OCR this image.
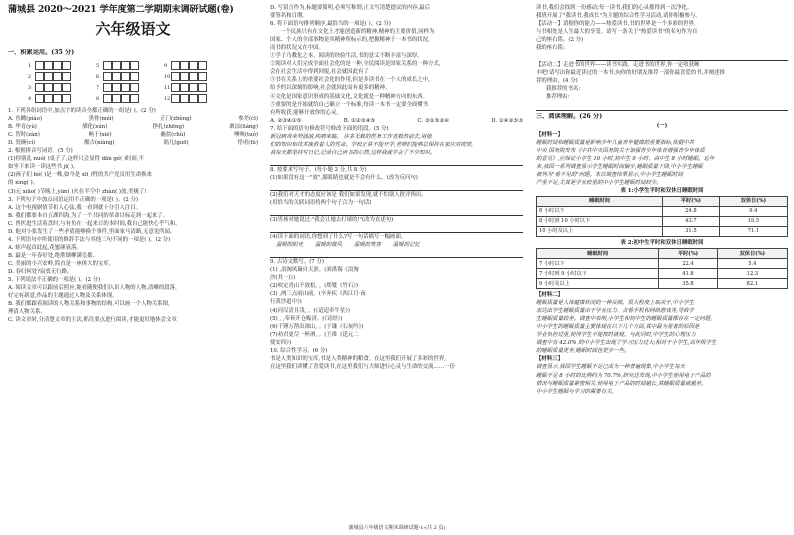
蒲城县 2020～2021 学年度第二学期期末调研试题(卷)
六年级语文
一、积累运用。(35 分)
1	5	9
2	6	10
3	7	11
4	8	12
1. 下列各组词语中,加点字的读音全都正确的一组是( )。(2 分)
A. 鱼鳔(piào)	黑骨(méi)	正门(zhèng)	参差(cī)
B. 华育(yù)	驯化(xún)	挣扎(zhēng)	敢凉(liáng)
C. 智时(zàn)	畅于(xié)	蘸盐(chù)	噢咳(tuó)
D. 瓷碗(cí)	酿吉(niàng)	涡儿(guō)	俘虏(fú)
2. 根据拼音写词语。(5 分)
(1)你别乱 nuó( )桌子了,这样只会显得 dān gé( )时间,不
如坐下来读一读这些书 jí( )。
(2)孩子们 bó( )是一株,如今是 xī( )牲的共产党员用生命换来
的 xing( )。
(3)元 xiāo( )节晚上,yān( )火在半空中 zhàn( )放,美极了!
3. 下列句子中加点词语运用不正确的一项是( )。(2 分)
A. 这个电视剧情节扣人心弦,我一看到就十分引人注目。
B. 我们都要本自五湖四海,为了一个共同的革命目标走到一起来了。
C. 兽医进生活着盘时,与有鱼在一起来日的本时间,我自己能快心乎气和。
D. 他对小张发生了一些矛盾能够换个事件,里面家马清路,无意见所闻。
4. 下列语句中所使用的修辞手法与其他三句不同的一项是( )。(2 分)
A. 蛙声起首此起,花蜜颜衰落。
B. 最是一年春好处,绝胜烟柳满皇都。
C. 美丽的小兴安岭,简直是一座体大的宝库。
D. 春归何处?寂寞无行路。
5. 下列说法不正确的一项是( )。(2 分)
A. 阅读文章可以跟前后照应,能看随便我们认识人物的人物,清晰的段落,
好完有新意,作品的主题通过人物及关系体现。
B. 我们都跟着阅读的人物关系和事物的结构,可以画一个人物关系图,
理清人物关系。
C. 读文章时,分清楚文章的主次,抓住要点进行阅读,才能更好地体会文章
D. 写留言作为,标题要简明,必须写称谓,正文写清楚提议的内容,最后
要签名和日期。
6. 将下面语句排列顺序,最恰当的一项是( )。(2 分)
一个民族只有在文化上才能创造新的精神,精神的主要价值,同样为
国家、个人的全部事物是其精神所标示的,把握精神于一本书的状况,
而书的状况又在中国。
①学子乃教化之本。阅读的经验生活,书的意义不断丰富与深厚。
②阅读对人们完成全面社会化的是一种,全民阅读是国家关系的一种方式,
会在社会生活中得到回报,社会就因此有了
③书在关系上的重要社会化的作用,但是多读书在一个人的成长之中,
给予的以深刻的影响,社会就因此而有更多的精神。
④文化是国家意识形成的基础文化,文化就是一种精神方向的东西。
⑤重要的是开始就给自己确立一个标准,每读一本书一定要全面懂书
有所收获,能够开放你的心灵。
A. ②③④①⑤	B. ①②③④⑤	C. ③①⑤②④	D. ①④②⑤③
7. 给下面的语句修改符号修改下面的语段。(5 分)
新冠病毒来势汹汹,疾病来临。 许多无数的医务工作者毅然前去,用他
们的知识和技术挽救着人的性命。学校正常不能开学,老师们能够总保持在家应对疫情,
我每天都坚持写日记,记录自己读书的心情,这样我就学会了不少知识。
8. 按要求写句子。(每小题 2 分,共 8 分)
(1)如果没有这一"放",那眼睛也就是不会有什么。(改为反问句)
(2)我们对天才的态度应该是 我们如果发现,就不怕别人批评指出。
(用恰当的关联词语将两个句子合为一句话)
(3)男孩对她说过:"我会让她去打球的!"(改为直述句)
(4)读下面的词语,你想到了什么?写一句话描写一幅画面。
温暖的阳光 温暖的微风 温暖的笑容 温暖的记忆
9. 古诗文默写。(7 分)
(1) ,浪淘风簸自天涯。(刘禹锡《浪淘
沙(其一)》)
(2)咬定青山不放松, 。(郑燮《竹石》)
(3) ,两三点雨山前。(辛弃疾《西江月·夜
行黄沙道中》)
(4)河汉清且浅, 。(《迢迢牵牛星》)
(5) , ,奉旨开仓赈济。(《诗经》)
(6)千锤万凿出深山, 。(于谦《石灰吟》)
(7)劝君更尽一杯酒, 。(王维《送元二
使安西》)
10. 综合性学习。(6 分)
书是人类知识的宝库,书是人类精神的粮食。在这里我们开展了多彩的世界,
在这里我们读懂了喜爱读书,在这里我们与大师进行心灵与生命的交流……一份
读书,我们会找到一份感动;每一读书,我们的心灵都得到一次净化。
我班开展了"我读书,我成长"为主题的综合性学习活动,请你积极参与。
【活动一】请据你的能力——热爱读书,书的世界是一个多彩的世界,
与书相处是人生最大的享受。请写一条关于"热爱读书"的名句作为自
己的座右铭。(2 分)
我的座右铭:
【活动二】走进书的世界——读书实践。走进书的世界,你一定收获颇
丰吧!请写出你最近读过的一本书,向你的好朋友推荐一部你最喜爱的书,并阐述推
荐的理由。(4 分)
我推荐的书名:
推荐理由:
三、阅读理解。(26 分)
(一)
【材料一】
睡眠时间和睡眠质量是影响少年儿童青年健康的重要指标,依据中共
中央 国务院发布《中共中央国务院关于加强青少年体育增强青少年体质
的意见》,应保证小学生 10 小时,初中生 9 小时、高中生 8 小时睡眠。近年
来,我国一系列调查显示学生睡眠时间偏少,睡眠质量下降,中小学生睡眠
被列为"看不见的"问题。本次调查结果显示,中小学生睡眠时间
严重不足,尤其是学业较重的中小学生睡眠时间较少。
表 1:小学生平时和双休日睡眠时间
睡眠时间	平时(%)	双休日(%)
8 小时以下	24.8	9.4
8 小时到 10 小时以下	43.7	19.5
10 小时及以上	31.5	71.1
表 2:初中生平时和双休日睡眠时间
睡眠时间	平时(%)	双休日(%)
7 小时以下	22.4	5.4
7 小时到 9 小时以下	41.8	12.3
9 小时及以上	35.8	82.1
【材料二】
睡眠质量是人体健康状况的一种反映。很大程度上取决于,中小学生
表达出学生睡眠质量由于学业压力、贪看手机和网络游戏等,导致学
生睡眠质量较差。调查中表明,小学生和初中生的睡眠质量都存在一定问题,
中小学生的睡眠质量主要体现在以下几个方面,其中最为显著的原因是
学业负担过重,使得学生不能按时就寝。与此同时,中学生的心理压力
调查中有 42.0% 的中小学生出现了学习压力过大;相对于小学生,高年级学生
的睡眠质量更差,睡眠时间也更少一些。
【材料三】
调查显示,我国学生睡眠不足已成为一种普遍现象,中小学生每天
睡眠不足 8 小时的比例约为 70.7%,研究还发现,中小学生使用电子产品的
情况与睡眠质量紧密相关,使用电子产品的时间越长,其睡眠质量就越差。
中小学生睡眠与学习的需要有关。
蒲城县六年级语文期末调研试题-1-(共 2 页)
